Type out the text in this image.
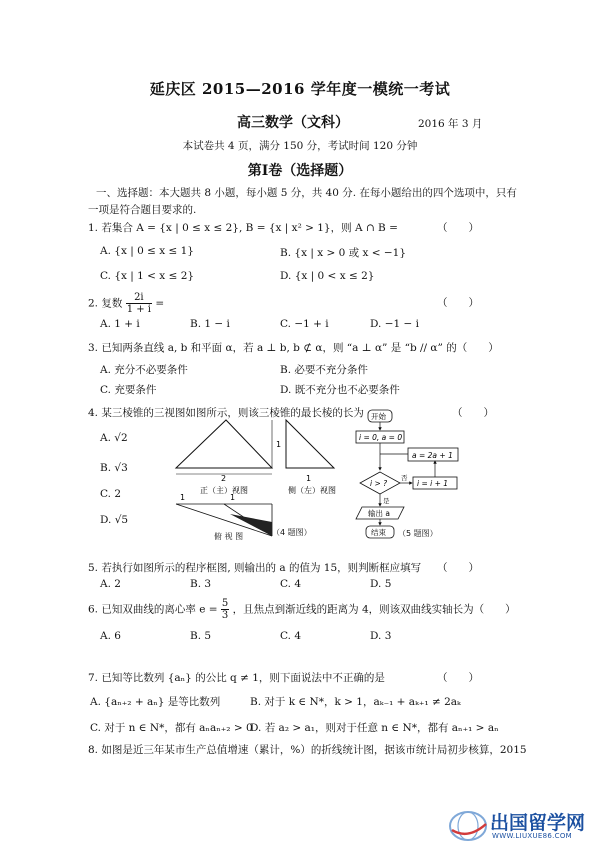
延庆区 2015—2016 学年度一模统一考试
高三数学（文科）	2016 年 3 月
本试卷共 4 页，满分 150 分，考试时间 120 分钟
第Ⅰ卷（选择题）
一、选择题：本大题共 8 小题，每小题 5 分，共 40 分. 在每小题给出的四个选项中，只有
一项是符合题目要求的.
1. 若集合 A = {x | 0 ≤ x ≤ 2}, B = {x | x² > 1}，则 A ∩ B =	（　　）
A. {x | 0 ≤ x ≤ 1}	B. {x | x > 0 或 x < −1}
C. {x | 1 < x ≤ 2}	D. {x | 0 < x ≤ 2}
2. 复数 $\frac{2i}{1 + i}$ =	（　　）
A. 1 + i	B. 1 − i	C. −1 + i	D. −1 − i
3. 已知两条直线 a, b 和平面 α，若 a ⊥ b, b ⊄ α，则 “a ⊥ α” 是 “b // α” 的（　　）
A. 充分不必要条件	B. 必要不充分条件
C. 充要条件	D. 既不充分也不必要条件
4. 某三棱锥的三视图如图所示，则该三棱锥的最长棱的长为	（　　）
A. √2
B. √3
C. 2
D. √5
1
2
正（主）视图
1
侧（左）视图
1	1
俯 视 图	（4 题图）
开始
i = 0, a = 0
a = 2a + 1
i > ?
否
i = i + 1
是
输出 a
结束 （5 题图）
5. 若执行如图所示的程序框图, 则输出的 a 的值为 15，则判断框应填写 （　　）
A. 2	B. 3	C. 4	D. 5
6. 已知双曲线的离心率 $e = \frac{5}{3}$ ，且焦点到渐近线的距离为 4，则该双曲线实轴长为（　　）
A. 6	B. 5	C. 4	D. 3
7. 已知等比数列 {aₙ} 的公比 q ≠ 1，则下面说法中不正确的是	（　　）
A. {aₙ₊₂ + aₙ} 是等比数列	B. 对于 k ∈ N*，k > 1，aₖ₋₁ + aₖ₊₁ ≠ 2aₖ
C. 对于 n ∈ N*，都有 aₙaₙ₊₂ > 0
D. 若 a₂ > a₁，则对于任意 n ∈ N*，都有 aₙ₊₁ > aₙ
8. 如图是近三年某市生产总值增速（累计，%）的折线统计图，据该市统计局初步核算，2015
出国留学网
WWW.LIUXUE86.COM
